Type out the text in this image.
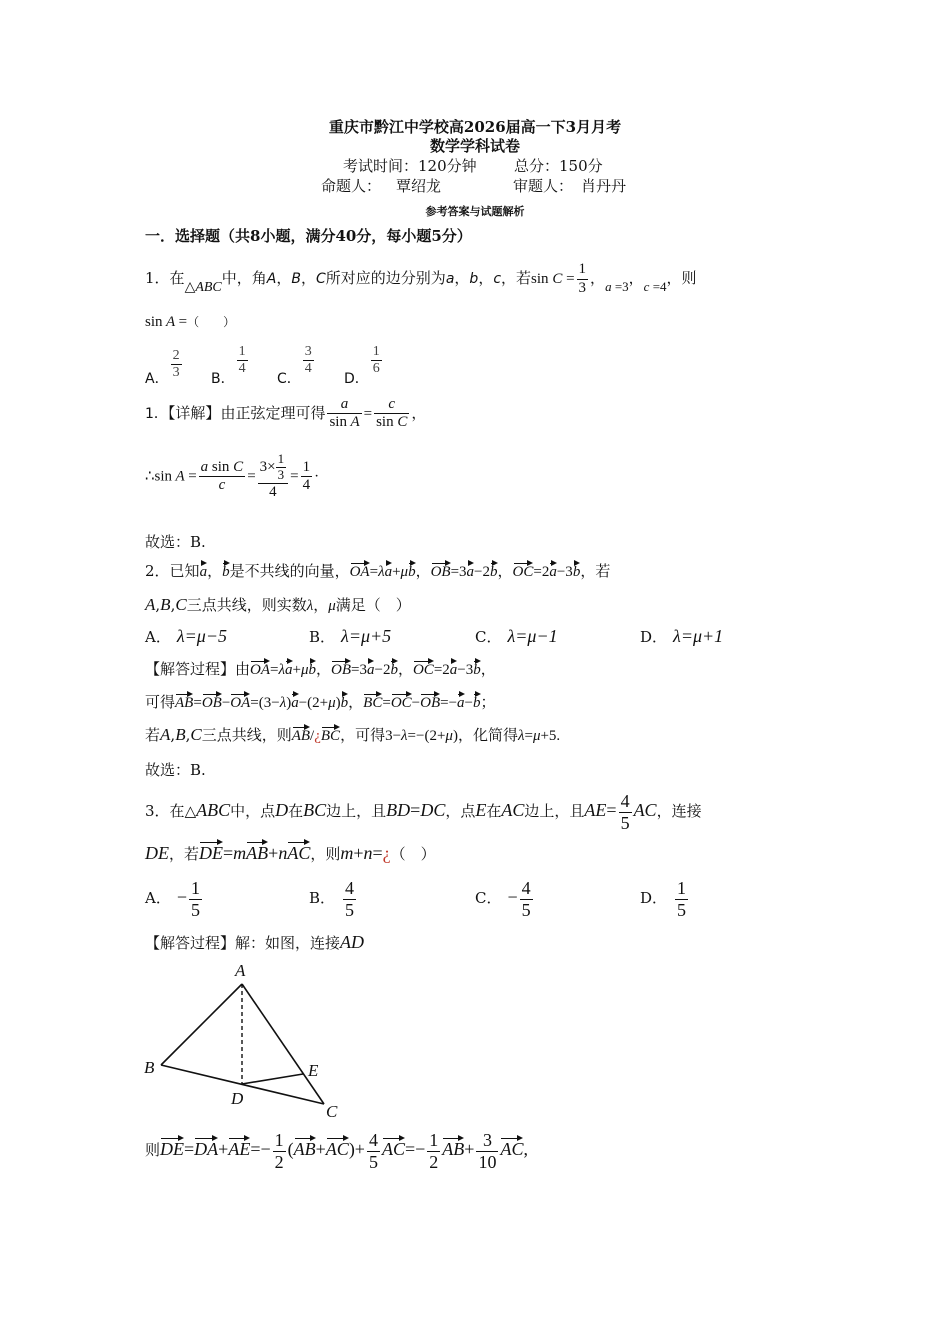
重庆市黔江中学校高2026届高一下3月月考
数学学科试卷
考试时间：120分钟 总分：150分
命题人： 覃绍龙	审题人： 肖丹丹
参考答案与试题解析
一．选择题（共8小题，满分40分，每小题5分）
1．在△ABC中，角A，B，C所对应的边分别为a，b，c，若$\sin C = \frac{1}{3}$ ，a =3，c =4，则
sin A =（　　）
A． $\frac{2}{3}$ B．
$\frac{1}{4}$
C．
$\frac{3}{4}$
D．
$\frac{1}{6}$
1．【详解】由正弦定理可得 $\frac{a}{\text{sin A}} = \frac{c}{\text{sin C}}$ ，
∴sin $A = \frac{\text{a sin C}}{c} = \frac{3\times \frac{1}{3}}{4} = \frac{1}{4}$ ·
故选：B.
2．已知a，b是不共线的向量，OA=λa+μb，OB=3a−2b，OC=2a−3b，若
A,B,C三点共线，则实数λ，μ满足（　）
A． λ=μ−5	B． λ=μ+5	C． λ=μ−1	D． λ=μ+1
【解答过程】由OA=λa+μb，OB=3a−2b，OC=2a−3b，
可得AB=OB−OA=(3−λ)a−(2+μ)b，BC=OC−OB=−a−b；
若A,B,C三点共线，则AB/¿BC，可得3−λ=−(2+μ)，化简得λ=μ+5.
故选：B.
3．在△ABC中，点D在BC边上，且BD=DC，点E在AC边上，且$AE= \frac{4}{5}$ AC，连接
DE，若DE=mAB+nAC，则m+n=¿（　）
A． − $\frac{1}{5}$	B． $\frac{4}{5}$	C． − $\frac{4}{5}$	D． $\frac{1}{5}$
【解答过程】解：如图，连接AD
A
B
C
D
E
则$DE=DA+AE=- \frac{1}{2} (AB+AC)+ \frac{4}{5} AC=- \frac{1}{2} AB+ \frac{3}{10}$ AC,
